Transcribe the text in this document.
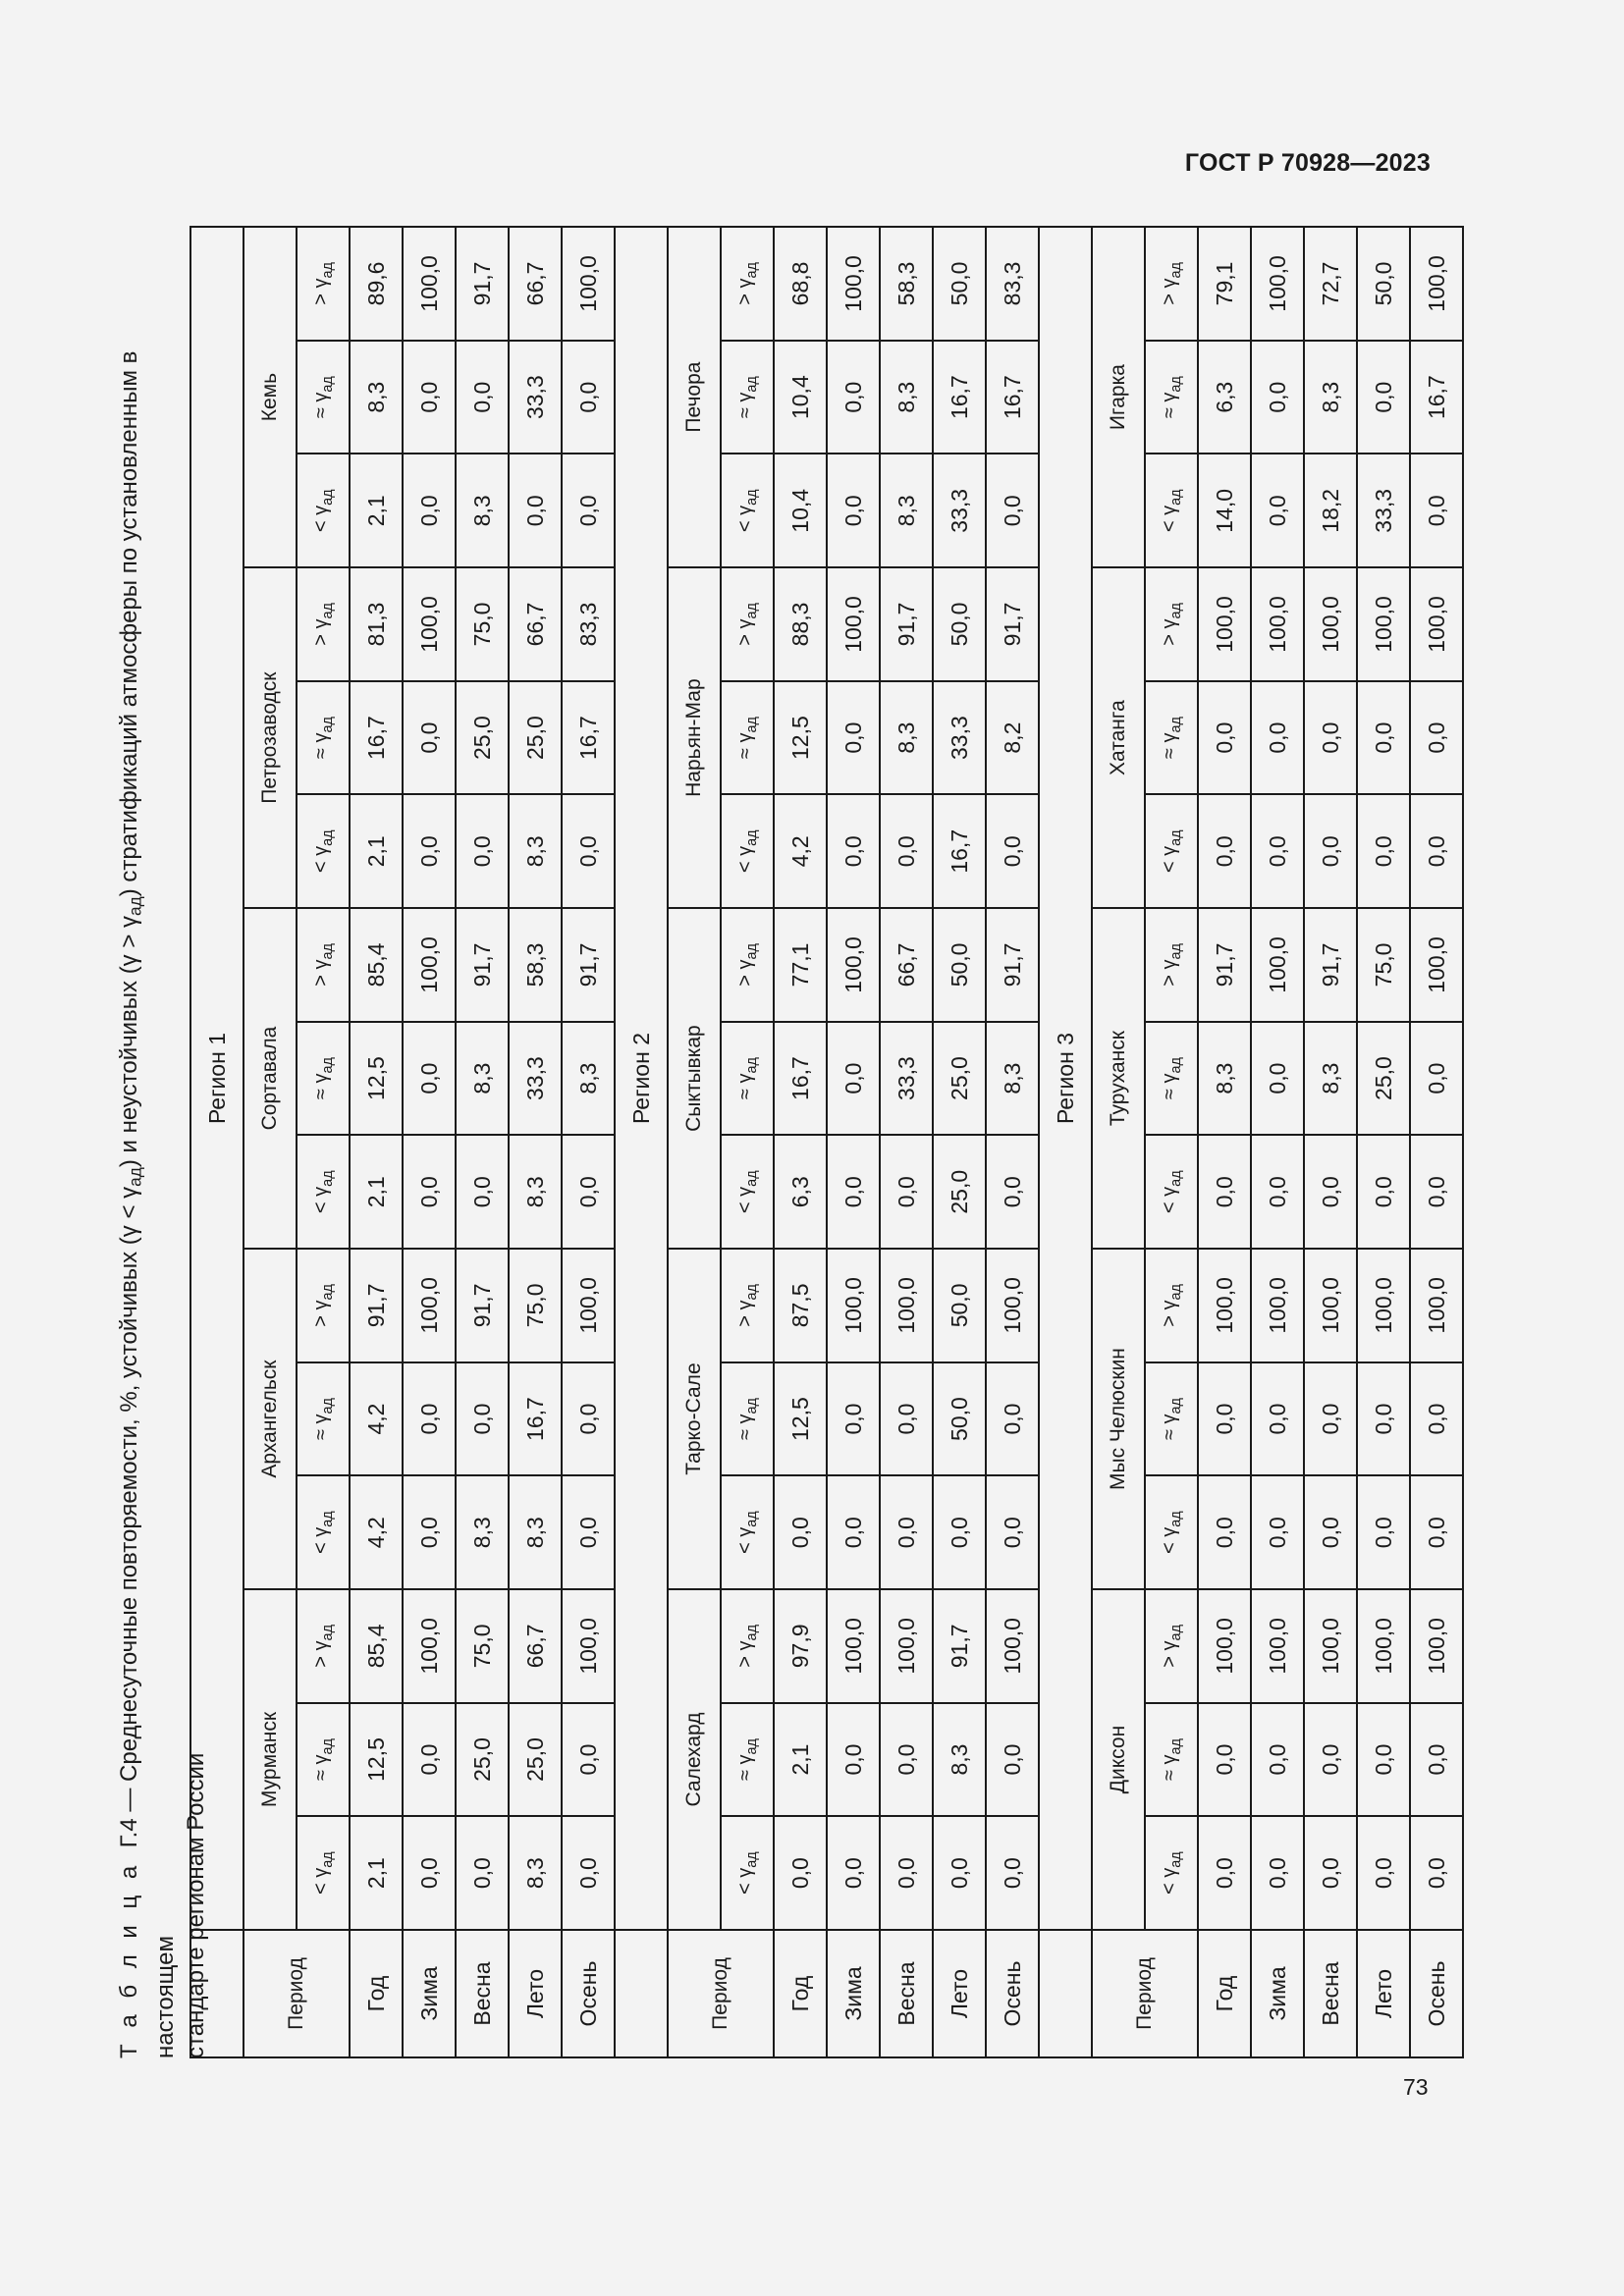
ГОСТ Р 70928—2023
Т а б л и ц а  Г.4 — Среднесуточные повторяемости, %, устойчивых $(\gamma < \gamma_{ад})$ и неустойчивых $(\gamma > \gamma_{ад})$ стратификаций атмосферы по установленным в настоящем стандарте регионам России
	Регион 1														
Период	Мурманск			Архангельск			Сортавала			Петрозаводск			Кемь		
	< $\gamma_{ад}$	≈ $\gamma_{ад}$	> $\gamma_{ад}$	< $\gamma_{ад}$	≈ $\gamma_{ад}$	> $\gamma_{ад}$	< $\gamma_{ад}$	≈ $\gamma_{ад}$	> $\gamma_{ад}$	< $\gamma_{ад}$	≈ $\gamma_{ад}$	> $\gamma_{ад}$	< $\gamma_{ад}$	≈ $\gamma_{ад}$	> $\gamma_{ад}$
Год	2,1	12,5	85,4	4,2	4,2	91,7	2,1	12,5	85,4	2,1	16,7	81,3	2,1	8,3	89,6
Зима	0,0	0,0	100,0	0,0	0,0	100,0	0,0	0,0	100,0	0,0	0,0	100,0	0,0	0,0	100,0
Весна	0,0	25,0	75,0	8,3	0,0	91,7	0,0	8,3	91,7	0,0	25,0	75,0	8,3	0,0	91,7
Лето	8,3	25,0	66,7	8,3	16,7	75,0	8,3	33,3	58,3	8,3	25,0	66,7	0,0	33,3	66,7
Осень	0,0	0,0	100,0	0,0	0,0	100,0	0,0	8,3	91,7	0,0	16,7	83,3	0,0	0,0	100,0
	Регион 2														
Период	Салехард			Тарко-Сале			Сыктывкар			Нарьян-Мар			Печора		
	< $\gamma_{ад}$	≈ $\gamma_{ад}$	> $\gamma_{ад}$	< $\gamma_{ад}$	≈ $\gamma_{ад}$	> $\gamma_{ад}$	< $\gamma_{ад}$	≈ $\gamma_{ад}$	> $\gamma_{ад}$	< $\gamma_{ад}$	≈ $\gamma_{ад}$	> $\gamma_{ад}$	< $\gamma_{ад}$	≈ $\gamma_{ад}$	> $\gamma_{ад}$
Год	0,0	2,1	97,9	0,0	12,5	87,5	6,3	16,7	77,1	4,2	12,5	88,3	10,4	10,4	68,8
Зима	0,0	0,0	100,0	0,0	0,0	100,0	0,0	0,0	100,0	0,0	0,0	100,0	0,0	0,0	100,0
Весна	0,0	0,0	100,0	0,0	0,0	100,0	0,0	33,3	66,7	0,0	8,3	91,7	8,3	8,3	58,3
Лето	0,0	8,3	91,7	0,0	50,0	50,0	25,0	25,0	50,0	16,7	33,3	50,0	33,3	16,7	50,0
Осень	0,0	0,0	100,0	0,0	0,0	100,0	0,0	8,3	91,7	0,0	8,2	91,7	0,0	16,7	83,3
	Регион 3														
Период	Диксон			Мыс Челюскин			Туруханск			Хатанга			Игарка		
	< $\gamma_{ад}$	≈ $\gamma_{ад}$	> $\gamma_{ад}$	< $\gamma_{ад}$	≈ $\gamma_{ад}$	> $\gamma_{ад}$	< $\gamma_{ад}$	≈ $\gamma_{ад}$	> $\gamma_{ад}$	< $\gamma_{ад}$	≈ $\gamma_{ад}$	> $\gamma_{ад}$	< $\gamma_{ад}$	≈ $\gamma_{ад}$	> $\gamma_{ад}$
Год	0,0	0,0	100,0	0,0	0,0	100,0	0,0	8,3	91,7	0,0	0,0	100,0	14,0	6,3	79,1
Зима	0,0	0,0	100,0	0,0	0,0	100,0	0,0	0,0	100,0	0,0	0,0	100,0	0,0	0,0	100,0
Весна	0,0	0,0	100,0	0,0	0,0	100,0	0,0	8,3	91,7	0,0	0,0	100,0	18,2	8,3	72,7
Лето	0,0	0,0	100,0	0,0	0,0	100,0	0,0	25,0	75,0	0,0	0,0	100,0	33,3	0,0	50,0
Осень	0,0	0,0	100,0	0,0	0,0	100,0	0,0	0,0	100,0	0,0	0,0	100,0	0,0	16,7	100,0
73
